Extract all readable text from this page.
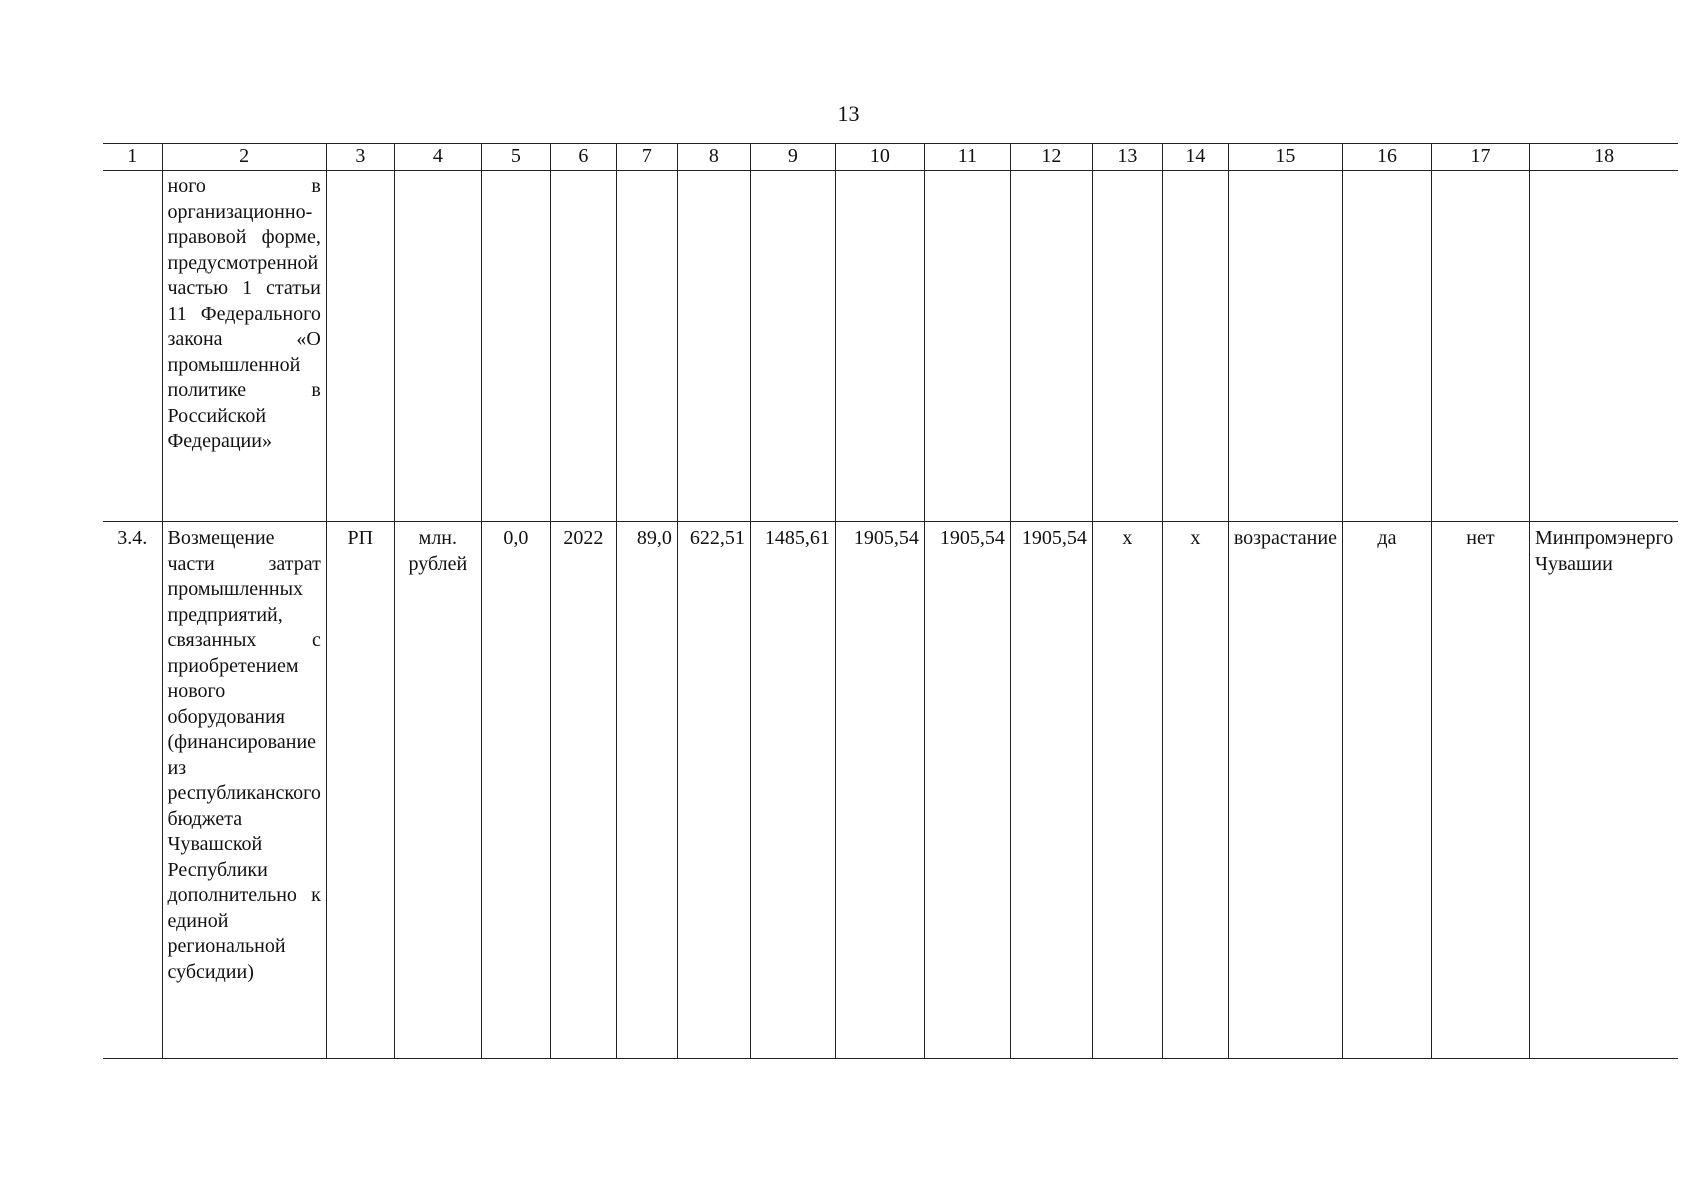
13
1	2	3	4	5	6	7	8	9	10	11	12	13	14	15	16	17	18
	ного в организационно-правовой форме, предусмотренной частью 1 статьи 11 Федерального закона «О промышленной политике в Российской Федерации»																
3.4.	Возмещение части затрат промышленных предприятий, связанных с приобретением нового оборудования (финансирование из республиканского бюджета Чувашской Республики дополнительно к единой региональной субсидии)	РП	млн. рублей	0,0	2022	89,0	622,51	1485,61	1905,54	1905,54	1905,54	х	х	возрастание	да	нет	Минпромэнерго Чувашии
